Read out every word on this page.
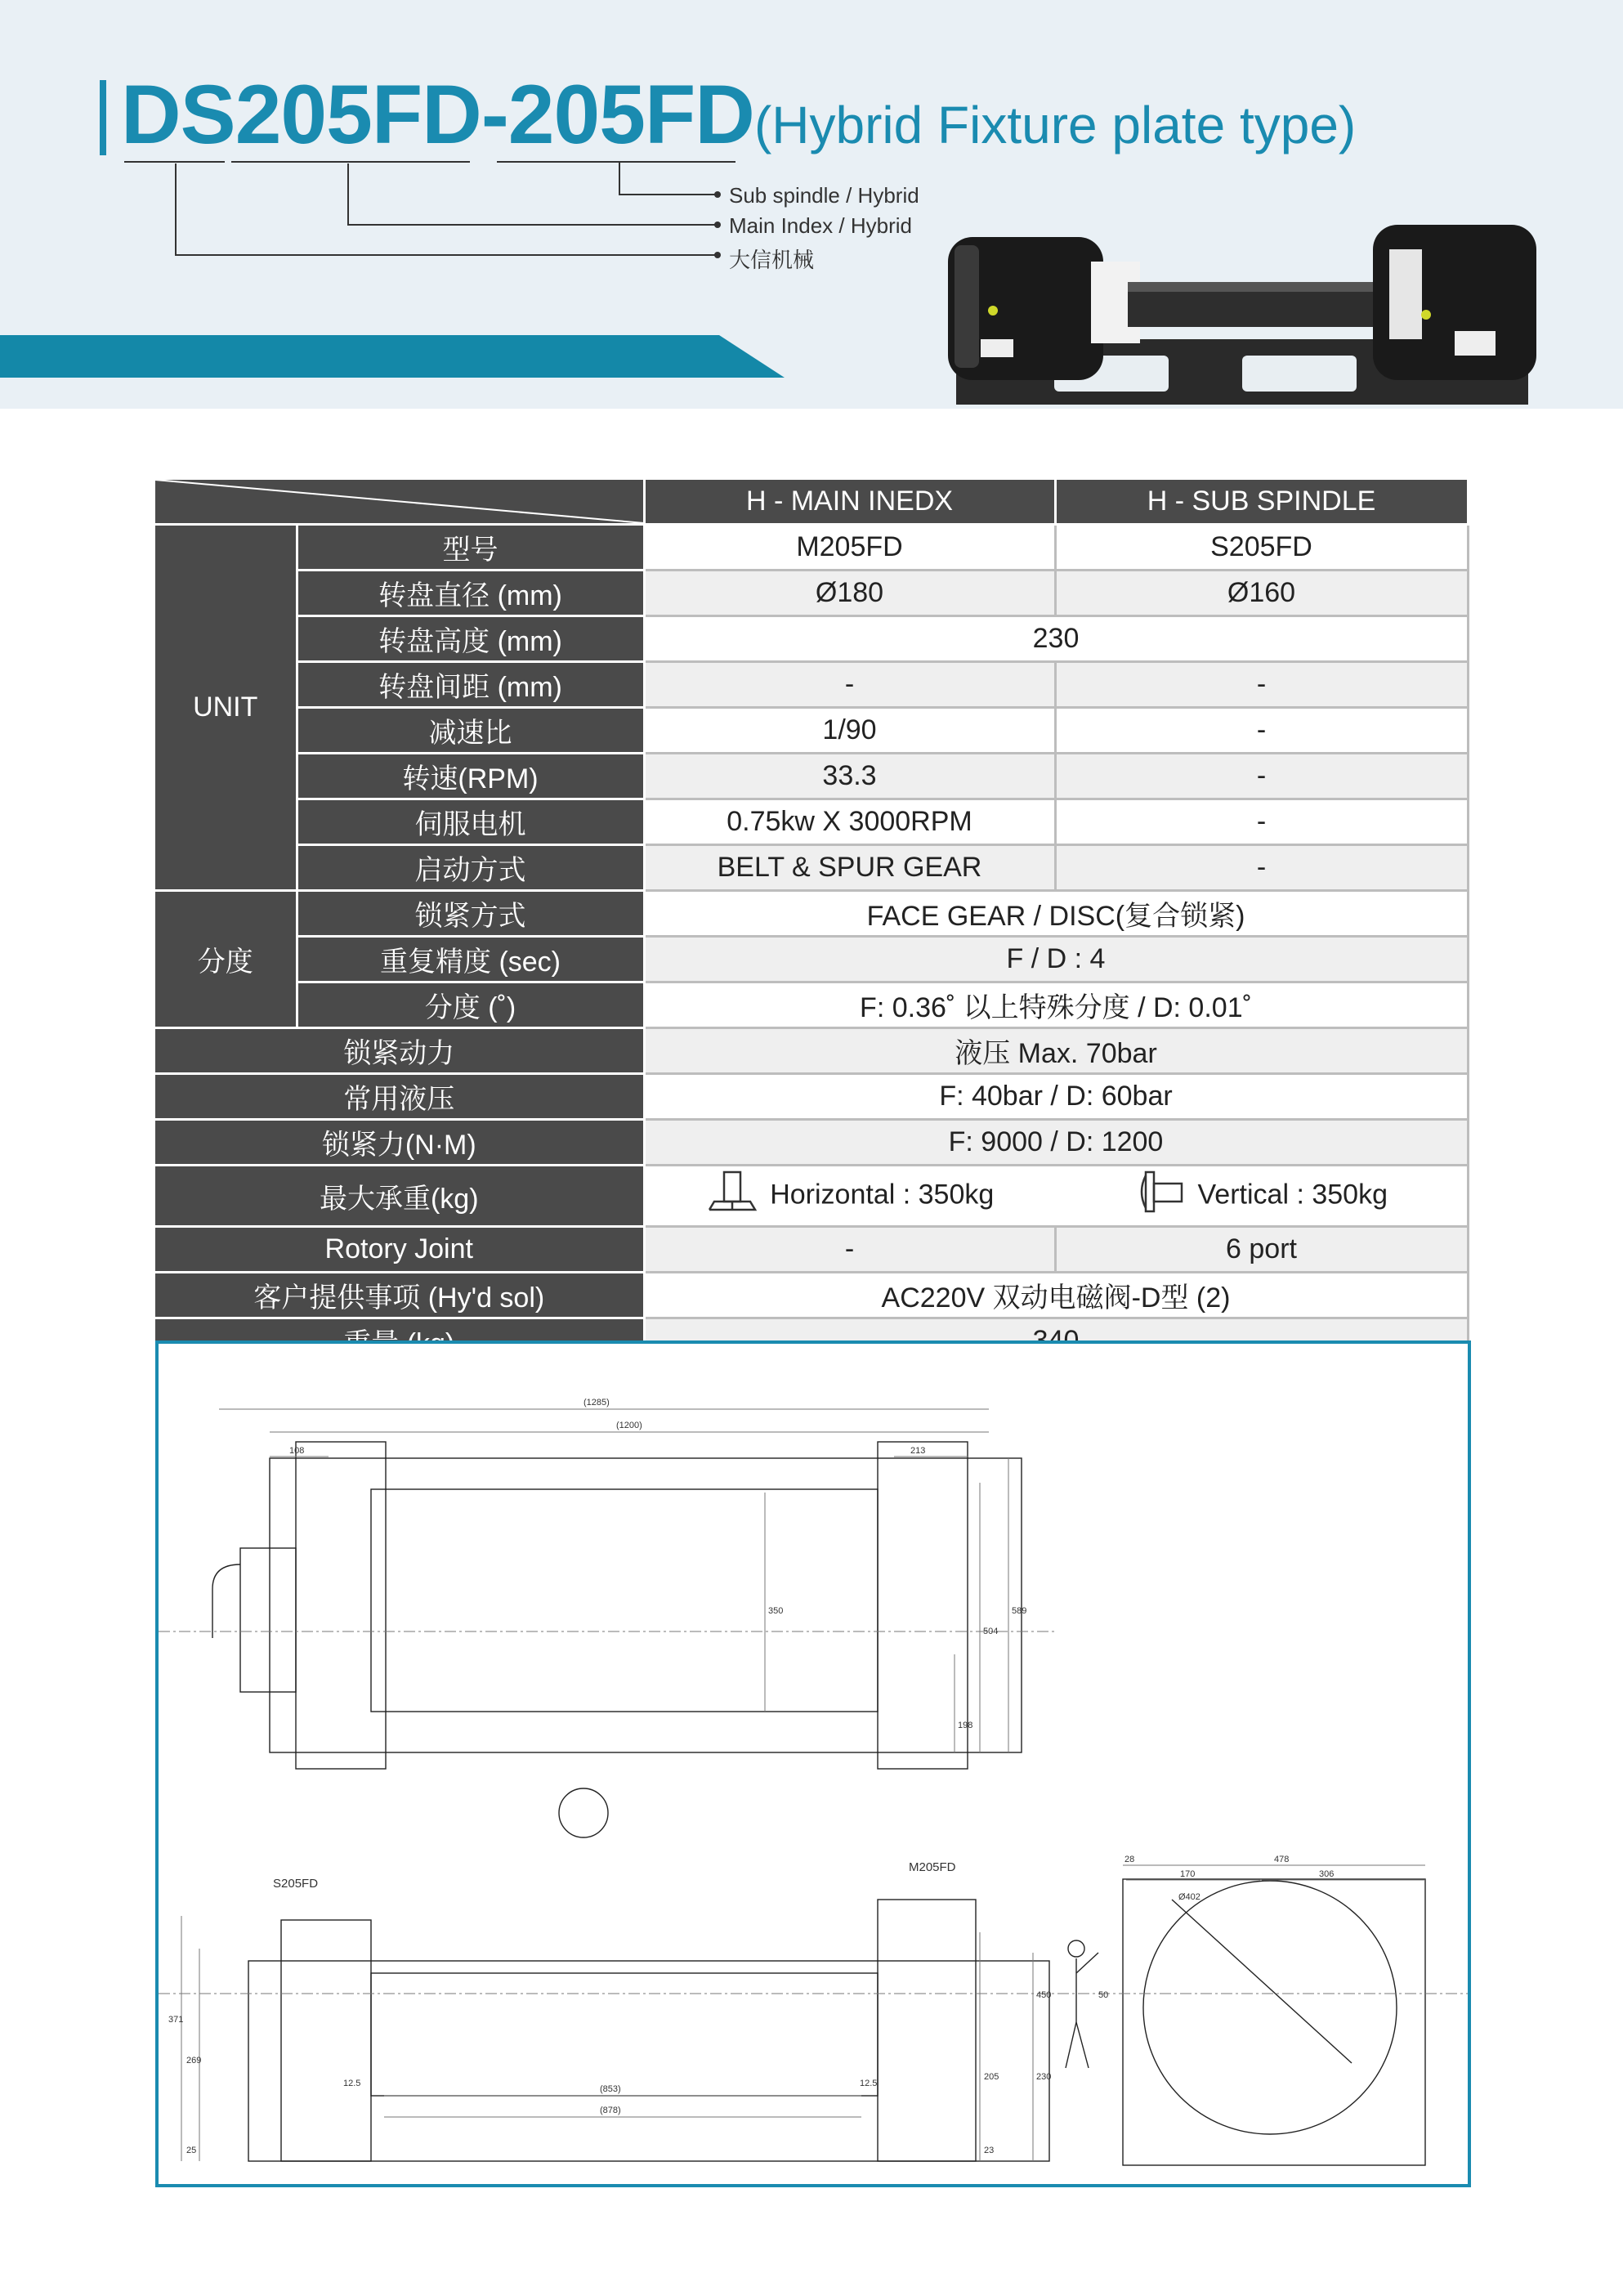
DS205FD-205FD(Hybrid Fixture plate type)
Sub spindle / Hybrid
Main Index / Hybrid
大信机械
	H - MAIN INEDX	H - SUB SPINDLE
UNIT	型号	M205FD	S205FD
	转盘直径 (mm)	Ø180	Ø160
	转盘高度 (mm)	230	
	转盘间距 (mm)	-	-
	减速比	1/90	-
	转速(RPM)	33.3	-
	伺服电机	0.75kw X 3000RPM	-
	启动方式	BELT & SPUR GEAR	-
分度	锁紧方式	FACE GEAR / DISC(复合锁紧)	
	重复精度 (sec)	F / D : 4	
	分度 (˚)	F: 0.36˚ 以上特殊分度 / D: 0.01˚	
锁紧动力		液压 Max. 70bar	
常用液压		F: 40bar / D: 60bar	
锁紧力(N·M)		F: 9000 / D: 1200	
最大承重(kg)		Horizontal : 350kg	Vertical : 350kg
Rotory Joint		-	6 port
客户提供事项 (Hy'd sol)		AC220V 双动电磁阀-D型 (2)	

(1285)
(1200)
108	213
589
504
350
198
28	478
170	306
371
269
25
(853)
(878)
12.5	12.5
205	230
450	50
23
Ø402
S205FD
M205FD
